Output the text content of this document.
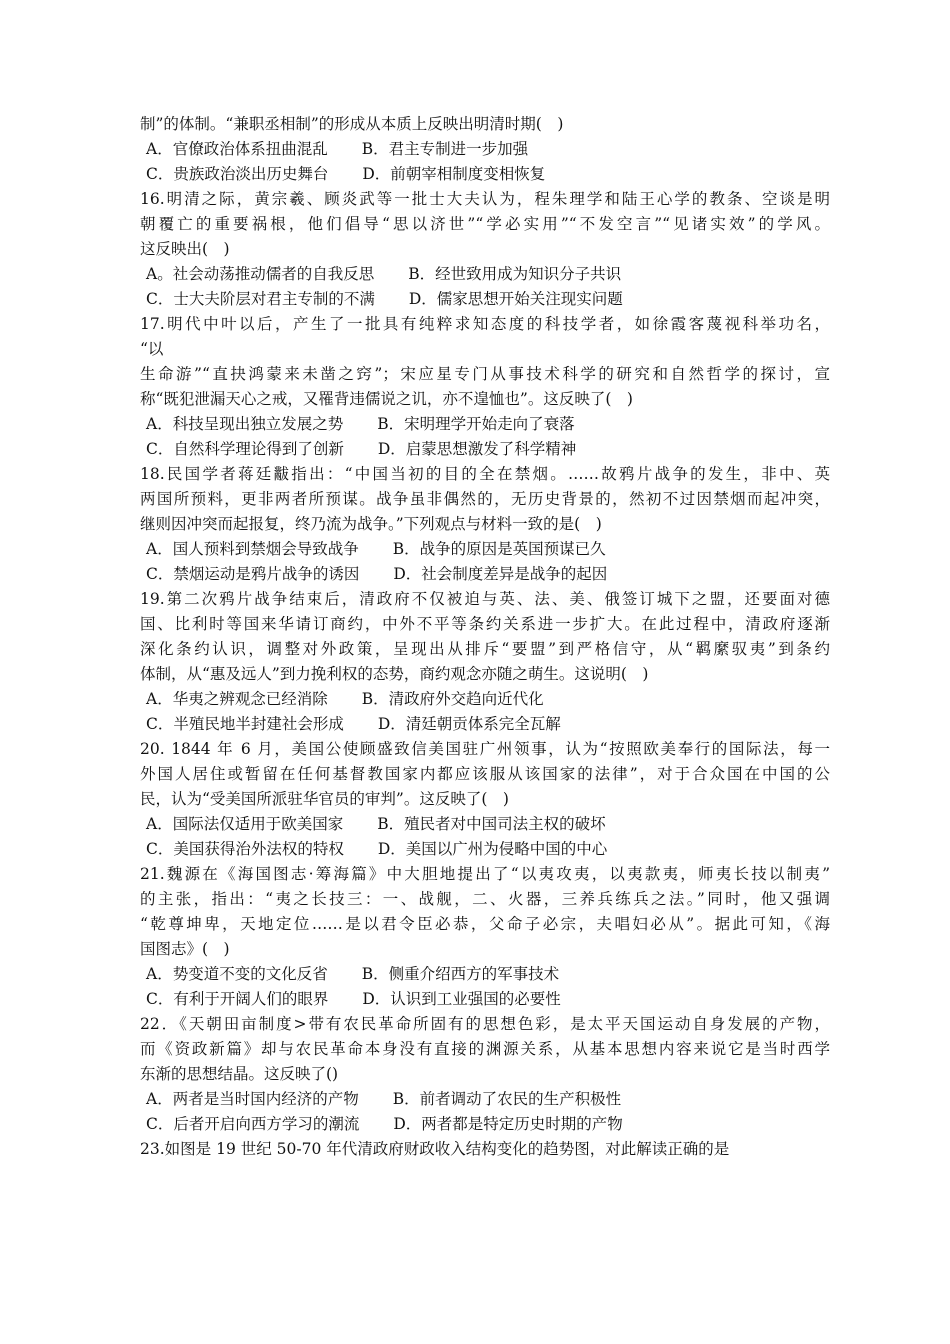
制”的体制。“兼职丞相制”的形成从本质上反映出明清时期(　)
A．官僚政治体系扭曲混乱 B．君主专制进一步加强
C．贵族政治淡出历史舞台 D．前朝宰相制度变相恢复
16.明清之际，黄宗羲、顾炎武等一批士大夫认为，程朱理学和陆王心学的教条、空谈是明
朝覆亡的重要祸根，他们倡导“思以济世”“学必实用”“不发空言”“见诸实效”的学风。
这反映出(　)
A。社会动荡推动儒者的自我反思 B．经世致用成为知识分子共识
C．士大夫阶层对君主专制的不满 D．儒家思想开始关注现实问题
17.明代中叶以后，产生了一批具有纯粹求知态度的科技学者，如徐霞客蔑视科举功名，
“以
生命游”“直抉鸿蒙来未凿之窍”；宋应星专门从事技术科学的研究和自然哲学的探讨，宣
称“既犯泄漏天心之戒，又罹背违儒说之讥，亦不遑恤也”。这反映了(　)
A．科技呈现出独立发展之势 B．宋明理学开始走向了衰落
C．自然科学理论得到了创新 D．启蒙思想激发了科学精神
18.民国学者蒋廷黻指出：“中国当初的目的全在禁烟。……故鸦片战争的发生，非中、英
两国所预料，更非两者所预谋。战争虽非偶然的，无历史背景的，然初不过因禁烟而起冲突，
继则因冲突而起报复，终乃流为战争。”下列观点与材料一致的是(　)
A．国人预料到禁烟会导致战争 B．战争的原因是英国预谋已久
C．禁烟运动是鸦片战争的诱因 D．社会制度差异是战争的起因
19.第二次鸦片战争结束后，清政府不仅被迫与英、法、美、俄签订城下之盟，还要面对德
国、比利时等国来华请订商约，中外不平等条约关系进一步扩大。在此过程中，清政府逐渐
深化条约认识，调整对外政策，呈现出从排斥“要盟”到严格信守，从“羁縻驭夷”到条约
体制，从“惠及远人”到力挽利权的态势，商约观念亦随之萌生。这说明(　)
A．华夷之辨观念已经消除 B．清政府外交趋向近代化
C．半殖民地半封建社会形成 D．清廷朝贡体系完全瓦解
20. 1844 年 6 月，美国公使顾盛致信美国驻广州领事，认为“按照欧美奉行的国际法，每一
外国人居住或暂留在任何基督教国家内都应该服从该国家的法律”，对于合众国在中国的公
民，认为“受美国所派驻华官员的审判”。这反映了(　)
A．国际法仅适用于欧美国家 B．殖民者对中国司法主权的破坏
C．美国获得治外法权的特权 D．美国以广州为侵略中国的中心
21.魏源在《海国图志·筹海篇》中大胆地提出了“以夷攻夷，以夷款夷，师夷长技以制夷”
的主张，指出：“夷之长技三：一、战舰，二、火器，三养兵练兵之法。”同时，他又强调
“乾尊坤卑，天地定位……是以君令臣必恭，父命子必宗，夫唱妇必从”。据此可知，《海
国图志》(　)
A．势变道不变的文化反省 B．侧重介绍西方的军事技术
C．有利于开阔人们的眼界 D．认识到工业强国的必要性
22．《天朝田亩制度>带有农民革命所固有的思想色彩，是太平天国运动自身发展的产物，
而《资政新篇》却与农民革命本身没有直接的渊源关系，从基本思想内容来说它是当时西学
东渐的思想结晶。这反映了()
A．两者是当时国内经济的产物 B．前者调动了农民的生产积极性
C．后者开启向西方学习的潮流 D．两者都是特定历史时期的产物
23.如图是 19 世纪 50-70 年代清政府财政收入结构变化的趋势图，对此解读正确的是
